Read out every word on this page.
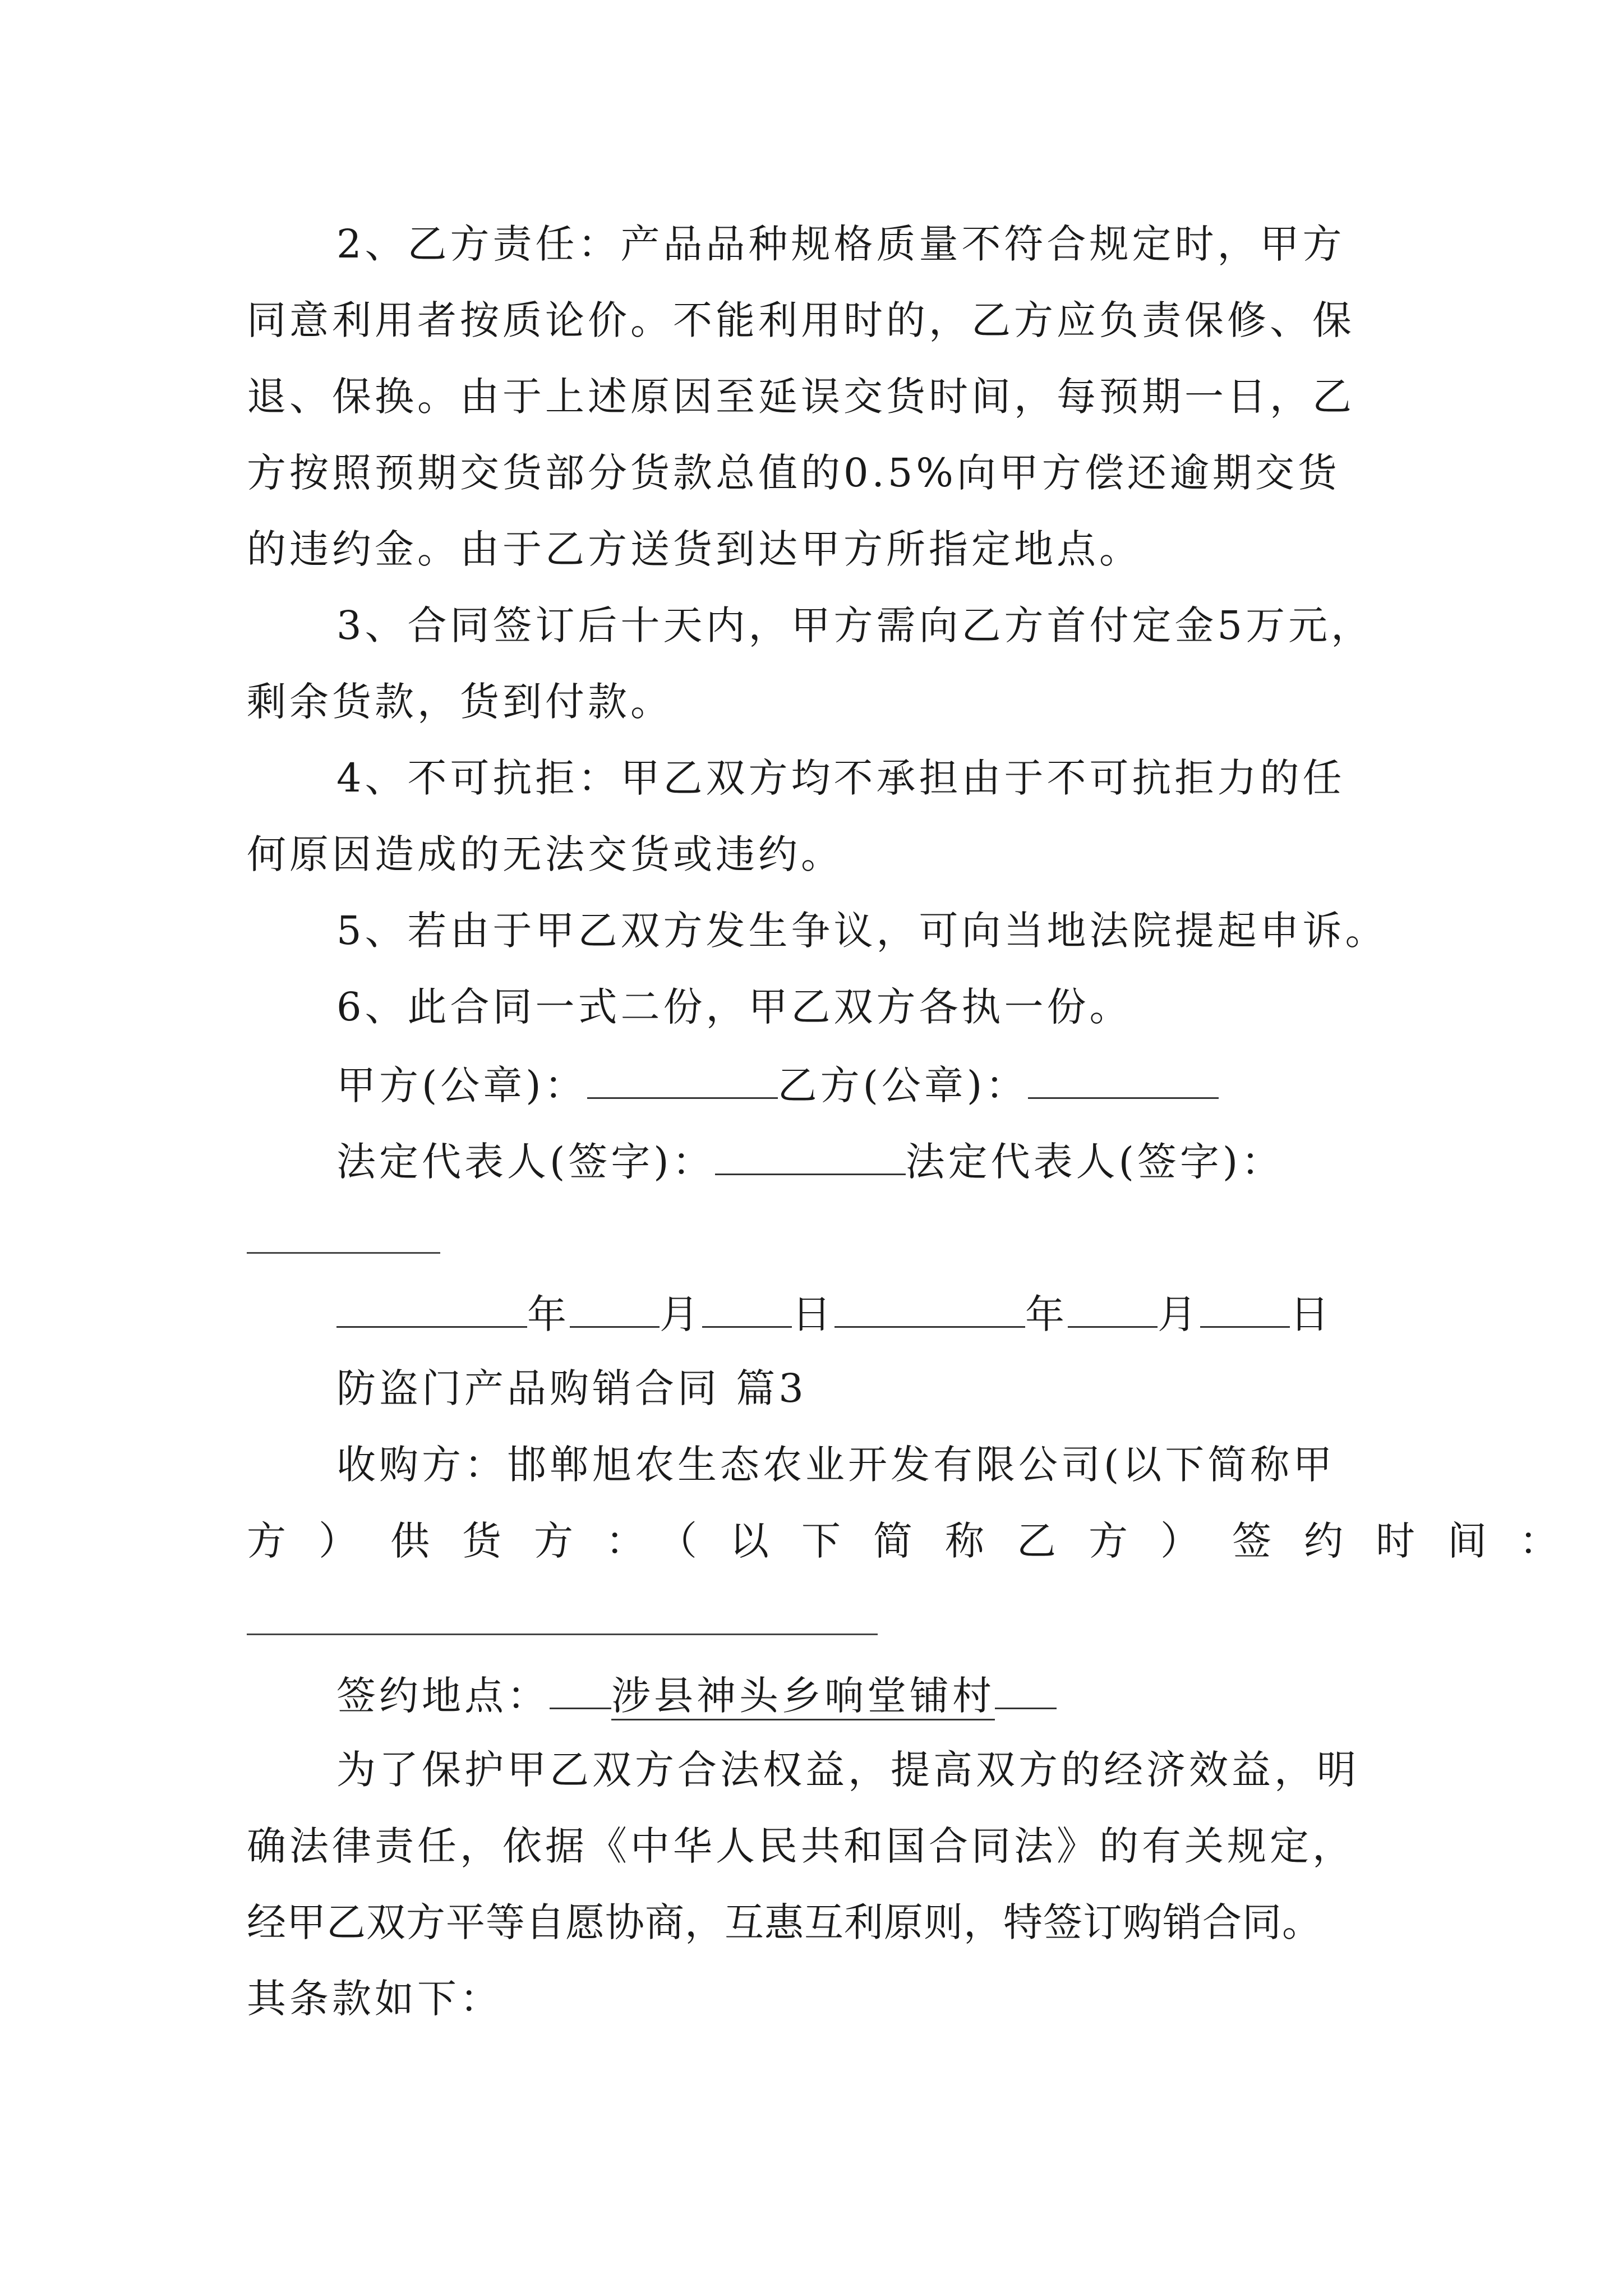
2、乙方责任：产品品种规格质量不符合规定时，甲方
同意利用者按质论价。不能利用时的，乙方应负责保修、保
退、保换。由于上述原因至延误交货时间，每预期一日，乙
方按照预期交货部分货款总值的0.5%向甲方偿还逾期交货
的违约金。由于乙方送货到达甲方所指定地点。
3、合同签订后十天内，甲方需向乙方首付定金5万元，
剩余货款，货到付款。
4、不可抗拒：甲乙双方均不承担由于不可抗拒力的任
何原因造成的无法交货或违约。
5、若由于甲乙双方发生争议，可向当地法院提起申诉。
6、此合同一式二份，甲乙双方各执一份。
甲方(公章)：	乙方(公章)：
法定代表人(签字)：	法定代表人(签字)：
年 月 日	年 月 日
防盗门产品购销合同 篇3
收购方：邯郸旭农生态农业开发有限公司(以下简称甲
方）供货方：（以下简称乙方）签约时间：
签约地点： 涉县神头乡响堂铺村
为了保护甲乙双方合法权益，提高双方的经济效益，明
确法律责任，依据《中华人民共和国合同法》的有关规定，
经甲乙双方平等自愿协商，互惠互利原则，特签订购销合同。
其条款如下：
